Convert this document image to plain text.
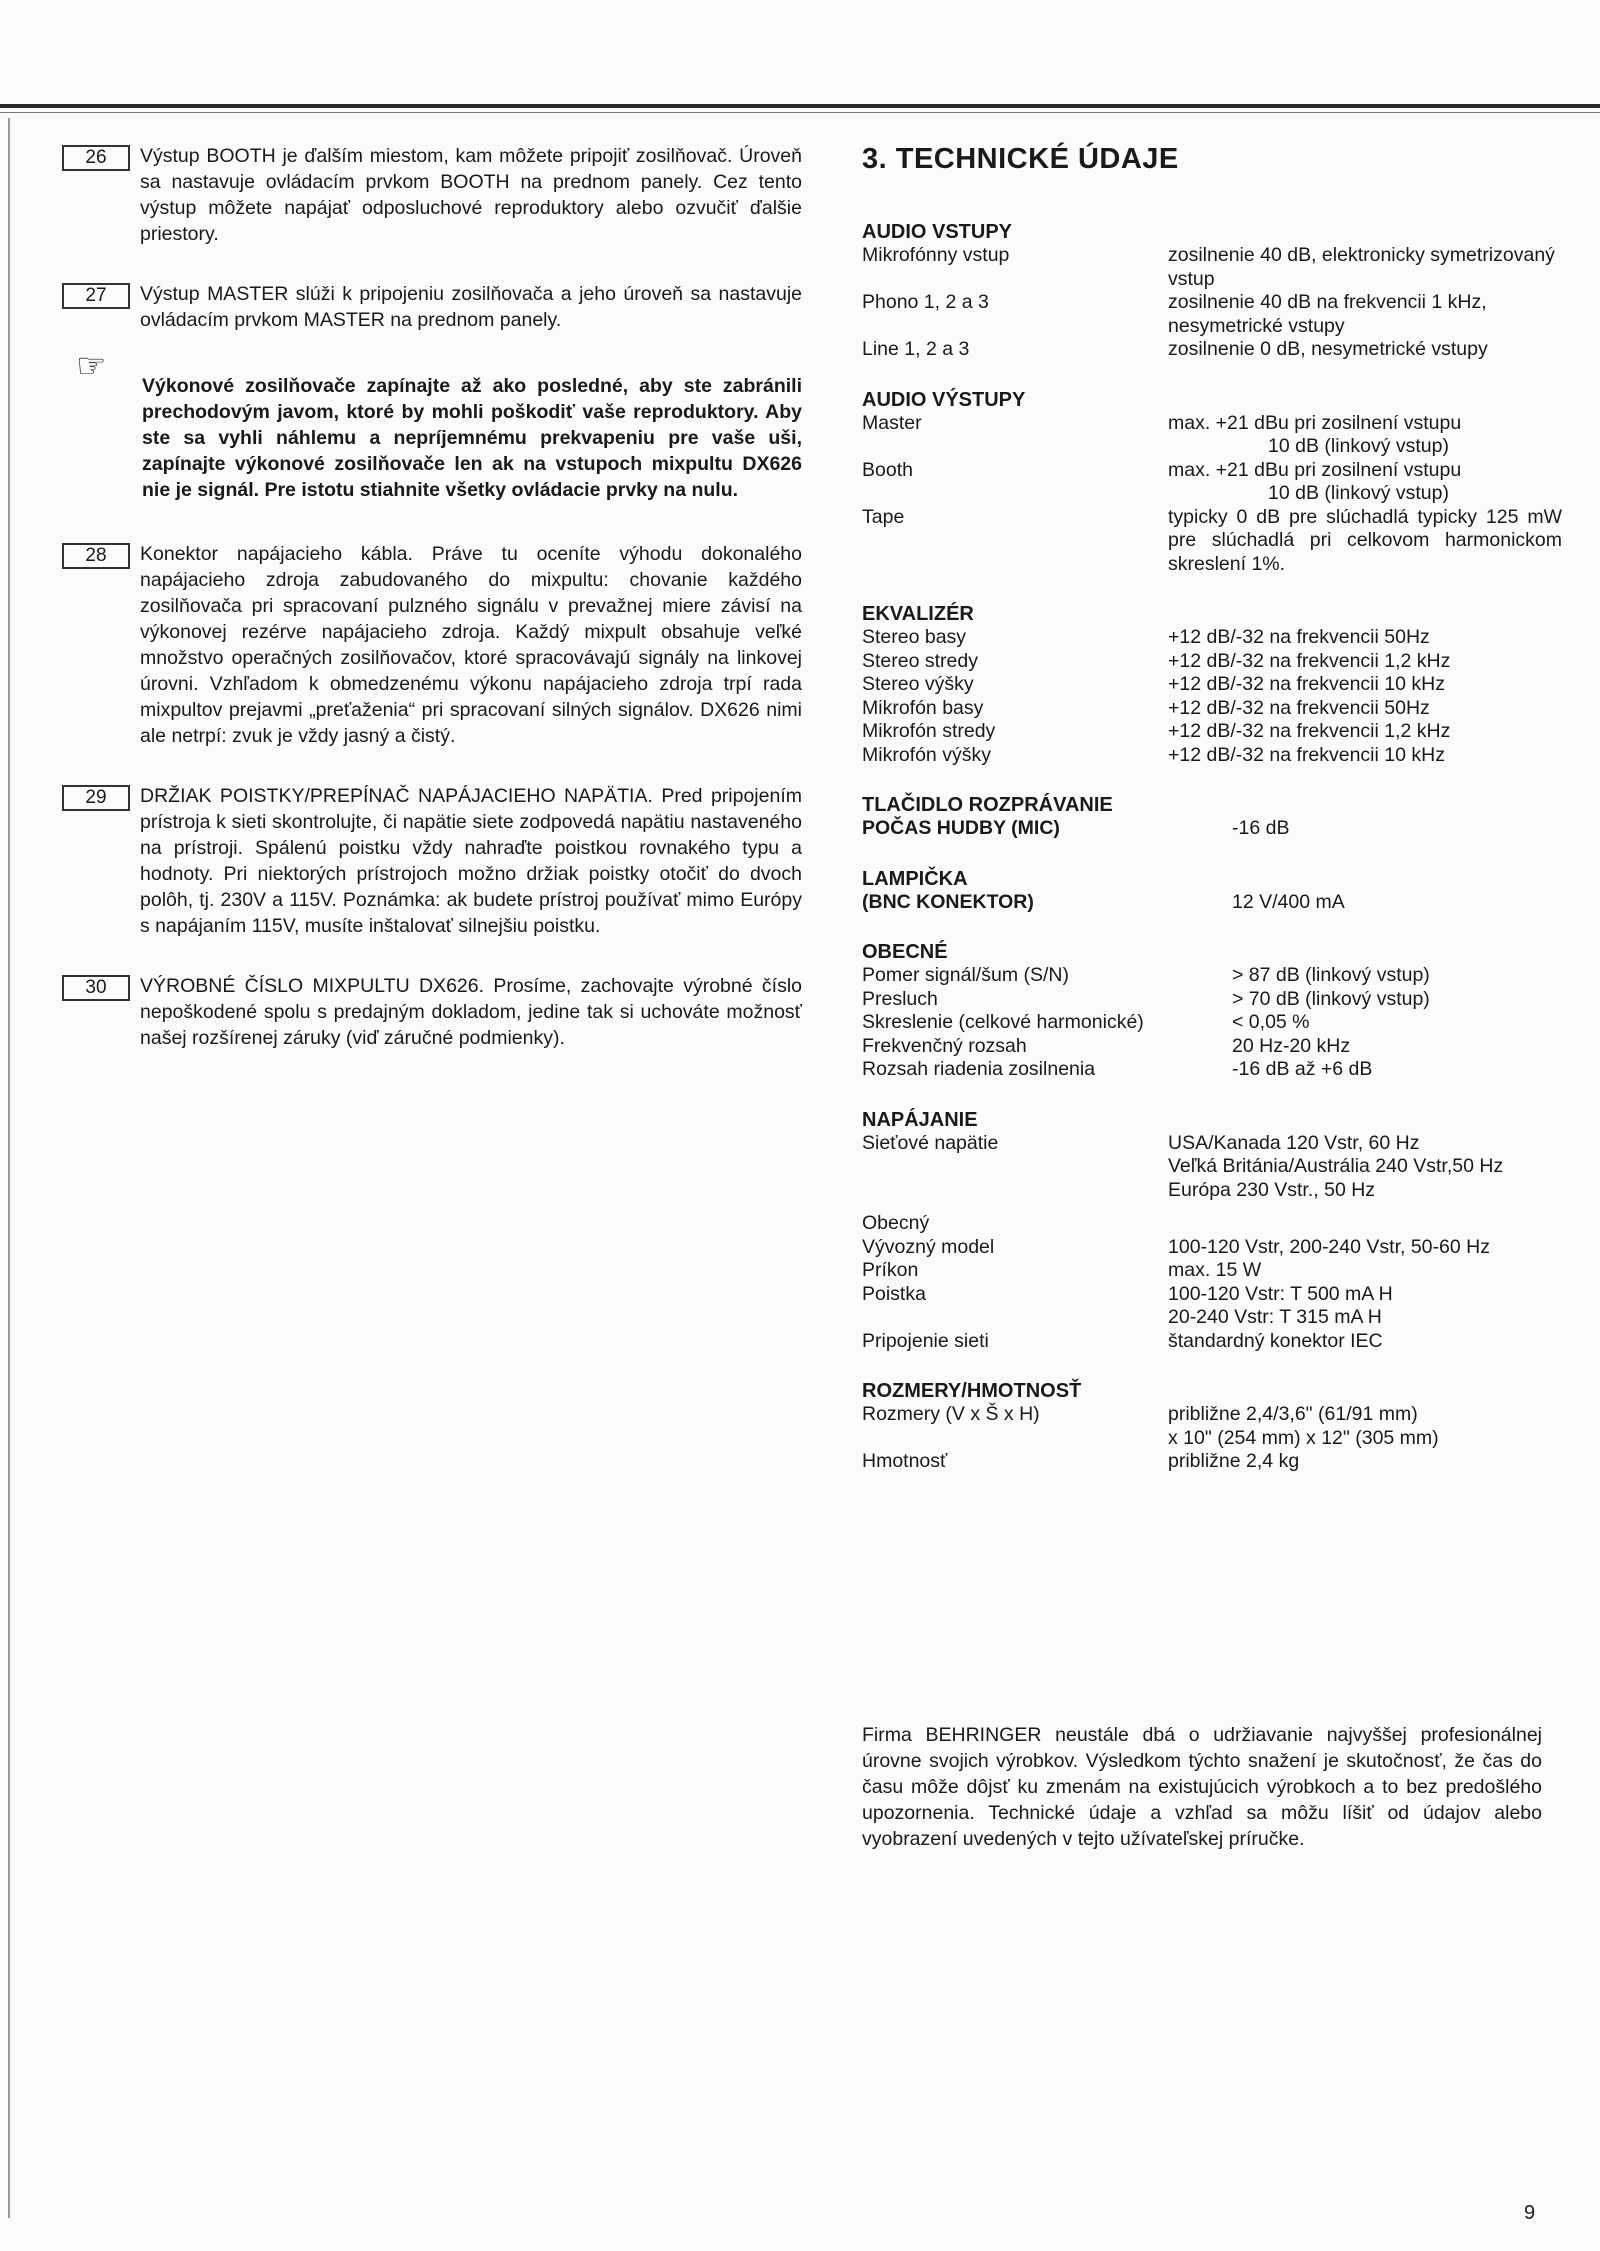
26	Výstup BOOTH je ďalším miestom, kam môžete pripojiť zosilňovač. Úroveň sa nastavuje ovládacím prvkom BOOTH na prednom panely. Cez tento výstup môžete napájať odposluchové reproduktory alebo ozvučiť ďalšie priestory.
27	Výstup MASTER slúži k pripojeniu zosilňovača a jeho úroveň sa nastavuje ovládacím prvkom MASTER na prednom panely.
☞
Výkonové zosilňovače zapínajte až ako posledné, aby ste zabránili prechodovým javom, ktoré by mohli poškodiť vaše reproduktory. Aby ste sa vyhli náhlemu a nepríjemnému prekvapeniu pre vaše uši, zapínajte výkonové zosilňovače len ak na vstupoch mixpultu DX626 nie je signál. Pre istotu stiahnite všetky ovládacie prvky na nulu.
28	Konektor napájacieho kábla. Práve tu oceníte výhodu dokonalého napájacieho zdroja zabudovaného do mixpultu: chovanie každého zosilňovača pri spracovaní pulzného signálu v prevažnej miere závisí na výkonovej rezérve napájacieho zdroja. Každý mixpult obsahuje veľké množstvo operačných zosilňovačov, ktoré spracovávajú signály na linkovej úrovni. Vzhľadom k obmedzenému výkonu napájacieho zdroja trpí rada mixpultov prejavmi „preťaženia“ pri spracovaní silných signálov. DX626 nimi ale netrpí: zvuk je vždy jasný a čistý.
29	DRŽIAK POISTKY/PREPÍNAČ NAPÁJACIEHO NAPÄTIA. Pred pripojením prístroja k sieti skontrolujte, či napätie siete zodpovedá napätiu nastaveného na prístroji. Spálenú poistku vždy nahraďte poistkou rovnakého typu a hodnoty. Pri niektorých prístrojoch možno držiak poistky otočiť do dvoch polôh, tj. 230V a 115V. Poznámka: ak budete prístroj používať mimo Európy s napájaním 115V, musíte inštalovať silnejšiu poistku.
30	VÝROBNÉ ČÍSLO MIXPULTU DX626. Prosíme, zachovajte výrobné číslo nepoškodené spolu s predajným dokladom, jedine tak si uchováte možnosť našej rozšírenej záruky (viď záručné podmienky).
3. TECHNICKÉ ÚDAJE
AUDIO VSTUPY
Mikrofónny vstup	zosilnenie 40 dB, elektronicky symetrizovaný vstup
Phono 1, 2 a 3	zosilnenie 40 dB na frekvencii 1 kHz, nesymetrické vstupy
Line 1, 2 a 3	zosilnenie 0 dB, nesymetrické vstupy
AUDIO VÝSTUPY
Master	max. +21 dBu pri zosilnení vstupu
10 dB (linkový vstup)
Booth	max. +21 dBu pri zosilnení vstupu
10 dB (linkový vstup)
Tape	typicky 0 dB pre slúchadlá typicky 125 mW pre slúchadlá pri celkovom harmonickom skreslení 1%.
EKVALIZÉR
Stereo basy	+12 dB/-32 na frekvencii 50Hz
Stereo stredy	+12 dB/-32 na frekvencii 1,2 kHz
Stereo výšky	+12 dB/-32 na frekvencii 10 kHz
Mikrofón basy	+12 dB/-32 na frekvencii 50Hz
Mikrofón stredy	+12 dB/-32 na frekvencii 1,2 kHz
Mikrofón výšky	+12 dB/-32 na frekvencii 10 kHz
TLAČIDLO ROZPRÁVANIE
POČAS HUDBY (MIC)	-16 dB
LAMPIČKA
(BNC KONEKTOR)	12 V/400 mA
OBECNÉ
Pomer signál/šum (S/N)	> 87 dB (linkový vstup)
Presluch	> 70 dB (linkový vstup)
Skreslenie (celkové harmonické)	< 0,05 %
Frekvenčný rozsah	20 Hz-20 kHz
Rozsah riadenia zosilnenia	-16 dB až +6 dB
NAPÁJANIE
Sieťové napätie	USA/Kanada 120 Vstr, 60 Hz
Veľká Británia/Austrália 240 Vstr,50 Hz
Európa 230 Vstr., 50 Hz
Obecný
Vývozný model	100-120 Vstr, 200-240 Vstr, 50-60 Hz
Príkon	max. 15 W
Poistka	100-120 Vstr: T 500 mA H
20-240 Vstr: T 315 mA H
Pripojenie sieti	štandardný konektor IEC
ROZMERY/HMOTNOSŤ
Rozmery (V x Š x H)	približne 2,4/3,6" (61/91 mm)
x 10" (254 mm) x 12" (305 mm)
Hmotnosť	približne 2,4 kg
Firma BEHRINGER neustále dbá o udržiavanie najvyššej profesionálnej úrovne svojich výrobkov. Výsledkom týchto snažení je skutočnosť, že čas do času môže dôjsť ku zmenám na existujúcich výrobkoch a to bez predošlého upozornenia. Technické údaje a vzhľad sa môžu líšiť od údajov alebo vyobrazení uvedených v tejto užívateľskej príručke.
9
